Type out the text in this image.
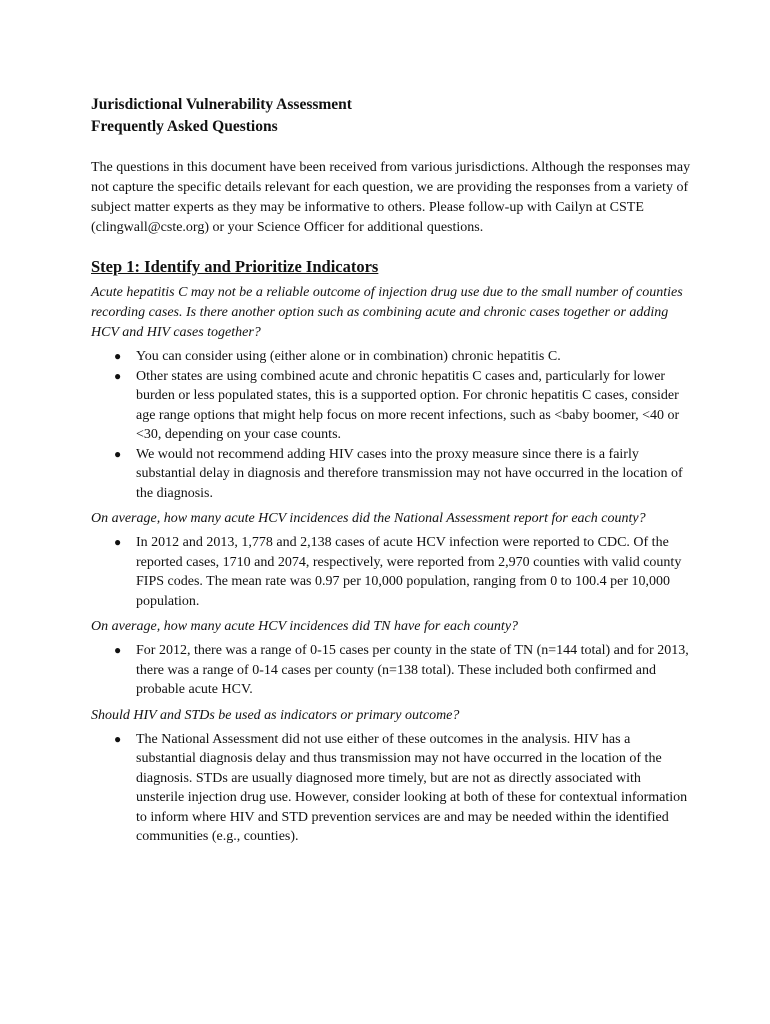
Jurisdictional Vulnerability Assessment
Frequently Asked Questions

The questions in this document have been received from various jurisdictions. Although the responses may not capture the specific details relevant for each question, we are providing the responses from a variety of subject matter experts as they may be informative to others. Please follow-up with Cailyn at CSTE (clingwall@cste.org) or your Science Officer for additional questions.

Step 1: Identify and Prioritize Indicators

Acute hepatitis C may not be a reliable outcome of injection drug use due to the small number of counties recording cases. Is there another option such as combining acute and chronic cases together or adding HCV and HIV cases together?

● You can consider using (either alone or in combination) chronic hepatitis C.
● Other states are using combined acute and chronic hepatitis C cases and, particularly for lower burden or less populated states, this is a supported option. For chronic hepatitis C cases, consider age range options that might help focus on more recent infections, such as <baby boomer, <40 or <30, depending on your case counts.
● We would not recommend adding HIV cases into the proxy measure since there is a fairly substantial delay in diagnosis and therefore transmission may not have occurred in the location of the diagnosis.

On average, how many acute HCV incidences did the National Assessment report for each county?

● In 2012 and 2013, 1,778 and 2,138 cases of acute HCV infection were reported to CDC. Of the reported cases, 1710 and 2074, respectively, were reported from 2,970 counties with valid county FIPS codes. The mean rate was 0.97 per 10,000 population, ranging from 0 to 100.4 per 10,000 population.

On average, how many acute HCV incidences did TN have for each county?

● For 2012, there was a range of 0-15 cases per county in the state of TN (n=144 total) and for 2013, there was a range of 0-14 cases per county (n=138 total). These included both confirmed and probable acute HCV.

Should HIV and STDs be used as indicators or primary outcome?

● The National Assessment did not use either of these outcomes in the analysis. HIV has a substantial diagnosis delay and thus transmission may not have occurred in the location of the diagnosis. STDs are usually diagnosed more timely, but are not as directly associated with unsterile injection drug use. However, consider looking at both of these for contextual information to inform where HIV and STD prevention services are and may be needed within the identified communities (e.g., counties).
